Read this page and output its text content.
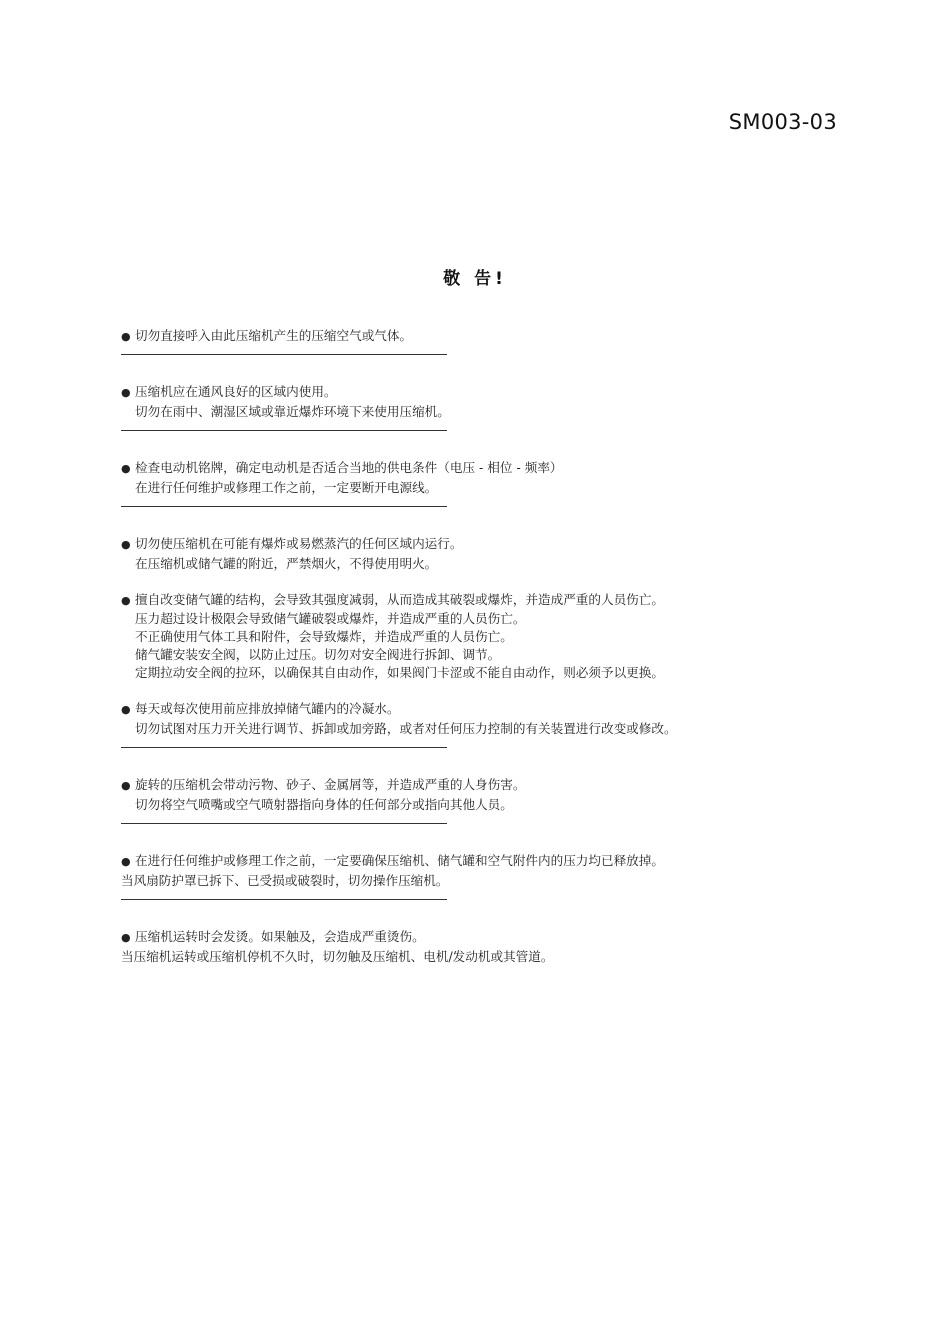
SM003-03
敬 告!
● 切勿直接呼入由此压缩机产生的压缩空气或气体。
● 压缩机应在通风良好的区域内使用。
切勿在雨中、潮湿区域或靠近爆炸环境下来使用压缩机。
● 检查电动机铭牌，确定电动机是否适合当地的供电条件（电压 - 相位 - 频率）
在进行任何维护或修理工作之前，一定要断开电源线。
● 切勿使压缩机在可能有爆炸或易燃蒸汽的任何区域内运行。
在压缩机或储气罐的附近，严禁烟火，不得使用明火。
● 擅自改变储气罐的结构，会导致其强度减弱，从而造成其破裂或爆炸，并造成严重的人员伤亡。
压力超过设计极限会导致储气罐破裂或爆炸，并造成严重的人员伤亡。
不正确使用气体工具和附件，会导致爆炸，并造成严重的人员伤亡。
储气罐安装安全阀，以防止过压。切勿对安全阀进行拆卸、调节。
定期拉动安全阀的拉环，以确保其自由动作，如果阀门卡涩或不能自由动作，则必须予以更换。
● 每天或每次使用前应排放掉储气罐内的冷凝水。
切勿试图对压力开关进行调节、拆卸或加旁路，或者对任何压力控制的有关装置进行改变或修改。
● 旋转的压缩机会带动污物、砂子、金属屑等，并造成严重的人身伤害。
切勿将空气喷嘴或空气喷射器指向身体的任何部分或指向其他人员。
● 在进行任何维护或修理工作之前，一定要确保压缩机、储气罐和空气附件内的压力均已释放掉。
当风扇防护罩已拆下、已受损或破裂时，切勿操作压缩机。
● 压缩机运转时会发烫。如果触及，会造成严重烫伤。
当压缩机运转或压缩机停机不久时，切勿触及压缩机、电机/发动机或其管道。
